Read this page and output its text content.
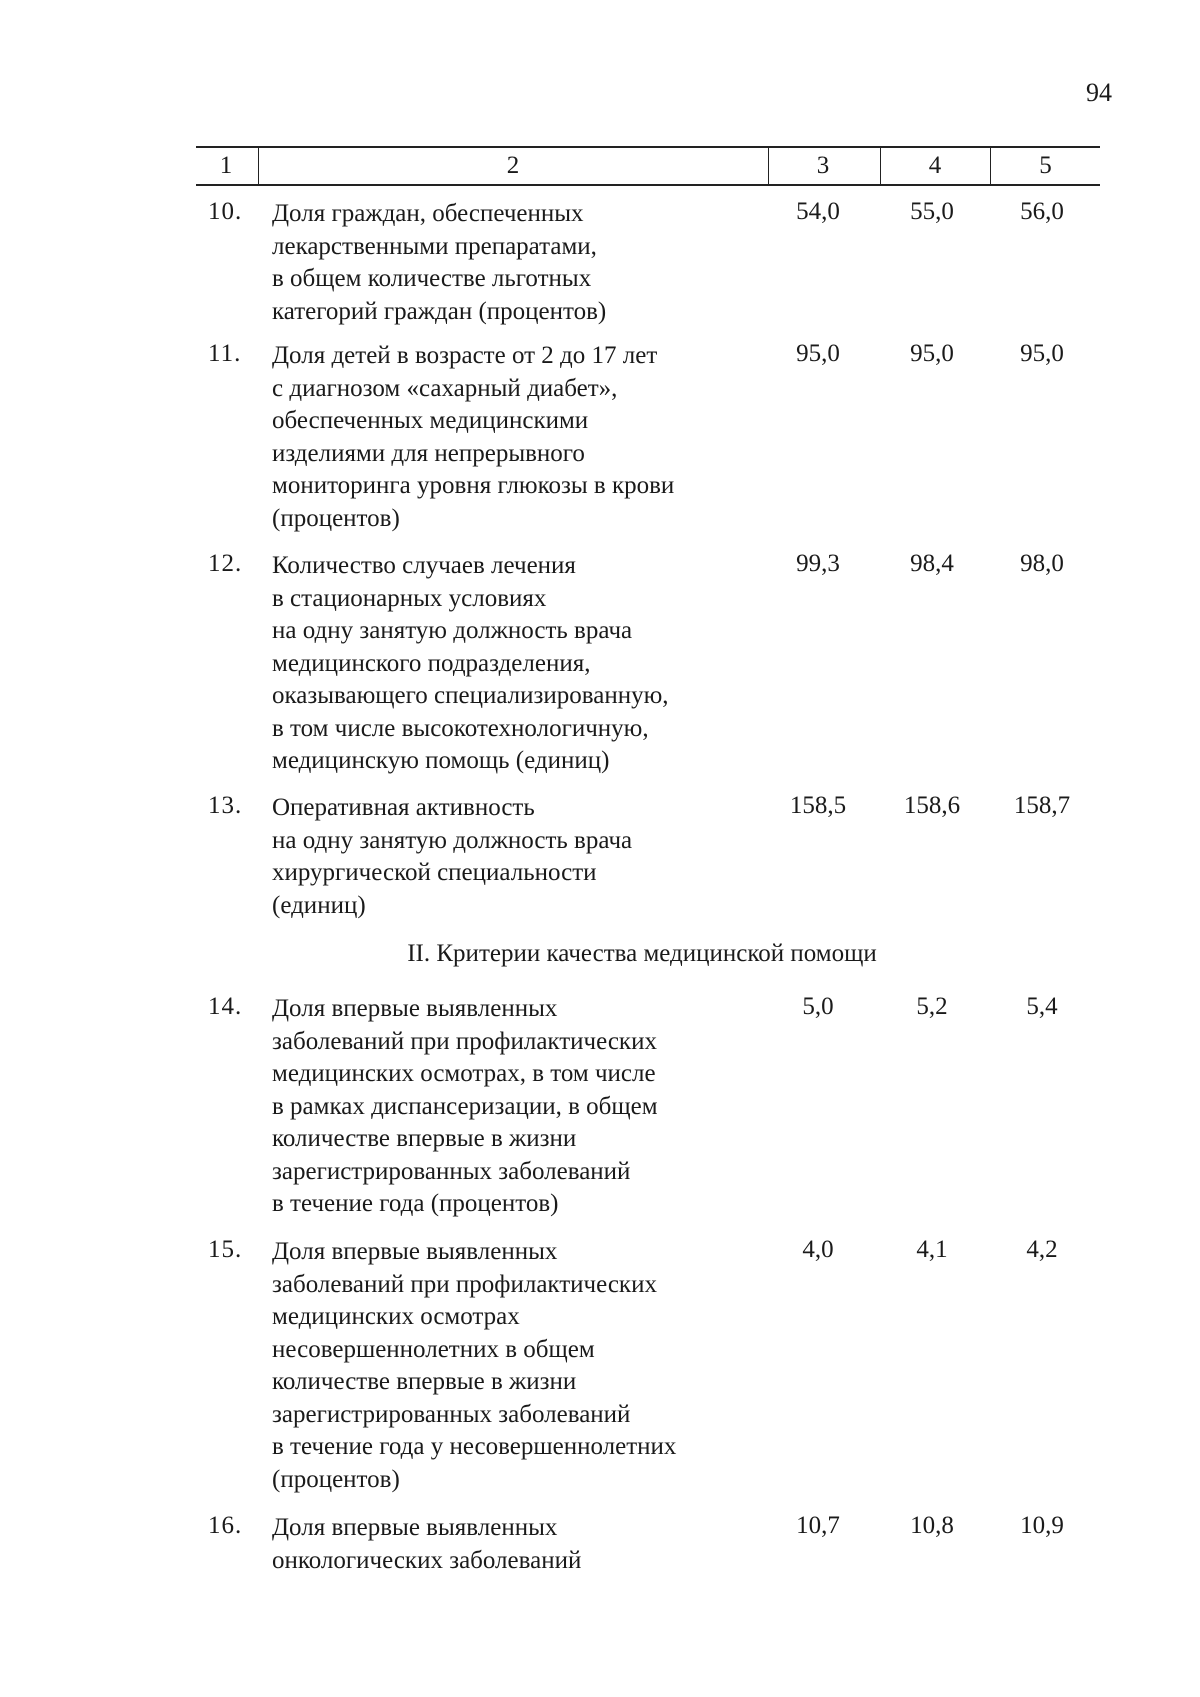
94
1	2	3	4	5
10. Доля граждан, обеспеченных
лекарственными препаратами,
в общем количестве льготных
категорий граждан (процентов)
54,0	55,0	56,0
11. Доля детей в возрасте от 2 до 17 лет
с диагнозом «сахарный диабет»,
обеспеченных медицинскими
изделиями для непрерывного
мониторинга уровня глюкозы в крови
(процентов)
95,0	95,0	95,0
12. Количество случаев лечения
в стационарных условиях
на одну занятую должность врача
медицинского подразделения,
оказывающего специализированную,
в том числе высокотехнологичную,
медицинскую помощь (единиц)
99,3	98,4	98,0
13. Оперативная активность
на одну занятую должность врача
хирургической специальности
(единиц)
158,5	158,6	158,7
II. Критерии качества медицинской помощи
14. Доля впервые выявленных
заболеваний при профилактических
медицинских осмотрах, в том числе
в рамках диспансеризации, в общем
количестве впервые в жизни
зарегистрированных заболеваний
в течение года (процентов)
5,0	5,2	5,4
15. Доля впервые выявленных
заболеваний при профилактических
медицинских осмотрах
несовершеннолетних в общем
количестве впервые в жизни
зарегистрированных заболеваний
в течение года у несовершеннолетних
(процентов)
4,0	4,1	4,2
16. Доля впервые выявленных
онкологических заболеваний
10,7	10,8	10,9
